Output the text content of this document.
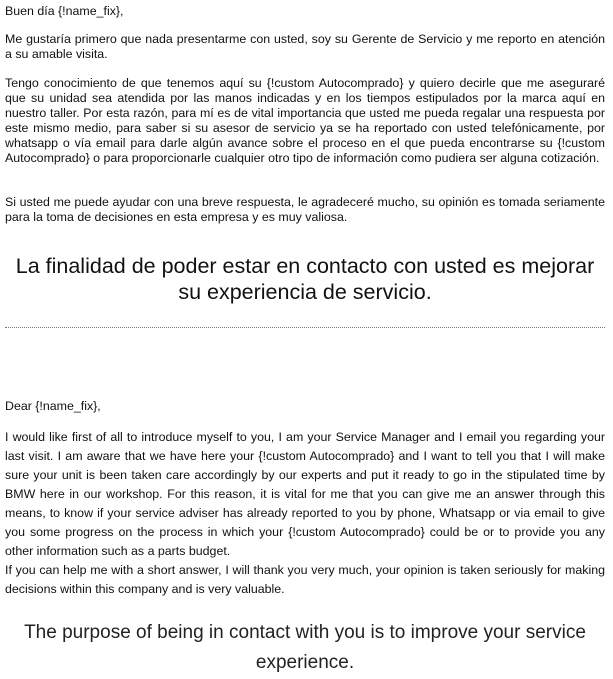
Buen día {!name_fix},

Me gustaría primero que nada presentarme con usted, soy su Gerente de Servicio y me reporto en atención a su amable visita.

Tengo conocimiento de que tenemos aquí su {!custom Autocomprado} y quiero decirle que me aseguraré que su unidad sea atendida por las manos indicadas y en los tiempos estipulados por la marca aquí en nuestro taller. Por esta razón, para mí es de vital importancia que usted me pueda regalar una respuesta por este mismo medio, para saber si su asesor de servicio ya se ha reportado con usted telefónicamente, por whatsapp o vía email para darle algún avance sobre el proceso en el que pueda encontrarse su {!custom Autocomprado} o para proporcionarle cualquier otro tipo de información como pudiera ser alguna cotización.

Si usted me puede ayudar con una breve respuesta, le agradeceré mucho, su opinión es tomada seriamente para la toma de decisiones en esta empresa y es muy valiosa.

La finalidad de poder estar en contacto con usted es mejorar su experiencia de servicio.

Dear {!name_fix},

I would like first of all to introduce myself to you, I am your Service Manager and I email you regarding your last visit. I am aware that we have here your {!custom Autocomprado} and I want to tell you that I will make sure your unit is been taken care accordingly by our experts and put it ready to go in the stipulated time by BMW here in our workshop. For this reason, it is vital for me that you can give me an answer through this means, to know if your service adviser has already reported to you by phone, Whatsapp or via email to give you some progress on the process in which your {!custom Autocomprado} could be or to provide you any other information such as a parts budget.

If you can help me with a short answer, I will thank you very much, your opinion is taken seriously for making decisions within this company and is very valuable.

The purpose of being in contact with you is to improve your service experience.
